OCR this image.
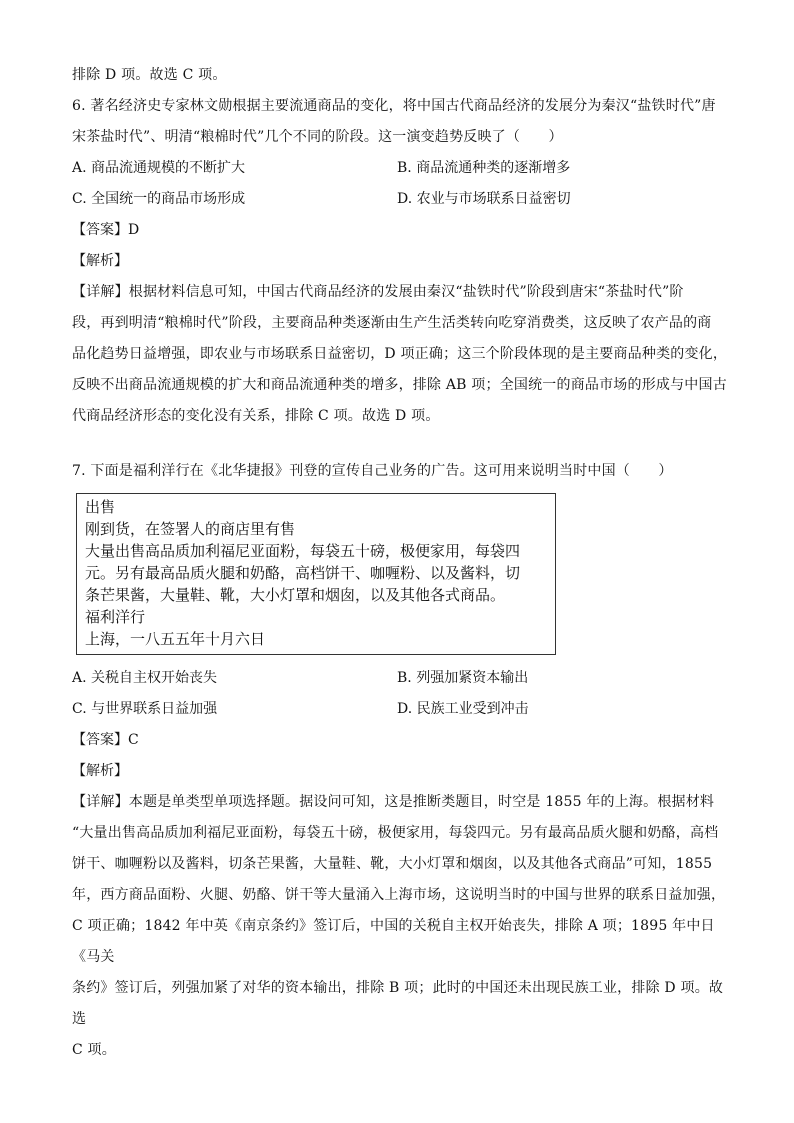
排除 D 项。故选 C 项。
6. 著名经济史专家林文勋根据主要流通商品的变化，将中国古代商品经济的发展分为秦汉“盐铁时代”唐
宋茶盐时代”、明清“粮棉时代”几个不同的阶段。这一演变趋势反映了（　　）
A. 商品流通规模的不断扩大	B. 商品流通种类的逐渐增多
C. 全国统一的商品市场形成	D. 农业与市场联系日益密切
【答案】D
【解析】
【详解】根据材料信息可知，中国古代商品经济的发展由秦汉“盐铁时代”阶段到唐宋“茶盐时代”阶
段，再到明清“粮棉时代”阶段，主要商品种类逐渐由生产生活类转向吃穿消费类，这反映了农产品的商
品化趋势日益增强，即农业与市场联系日益密切，D 项正确；这三个阶段体现的是主要商品种类的变化，
反映不出商品流通规模的扩大和商品流通种类的增多，排除 AB 项；全国统一的商品市场的形成与中国古
代商品经济形态的变化没有关系，排除 C 项。故选 D 项。
7. 下面是福利洋行在《北华捷报》刊登的宣传自己业务的广告。这可用来说明当时中国（　　）
出售
刚到货，在签署人的商店里有售
大量出售高品质加利福尼亚面粉，每袋五十磅，极便家用，每袋四
元。另有最高品质火腿和奶酪，高档饼干、咖喱粉、以及酱料，切
条芒果酱，大量鞋、靴，大小灯罩和烟囱，以及其他各式商品。
福利洋行
上海，一八五五年十月六日
A. 关税自主权开始丧失	B. 列强加紧资本输出
C. 与世界联系日益加强	D. 民族工业受到冲击
【答案】C
【解析】
【详解】本题是单类型单项选择题。据设问可知，这是推断类题目，时空是 1855 年的上海。根据材料
“大量出售高品质加利福尼亚面粉，每袋五十磅，极便家用，每袋四元。另有最高品质火腿和奶酪，高档
饼干、咖喱粉以及酱料，切条芒果酱，大量鞋、靴，大小灯罩和烟囱，以及其他各式商品”可知，1855
年，西方商品面粉、火腿、奶酪、饼干等大量涌入上海市场，这说明当时的中国与世界的联系日益加强，
C 项正确；1842 年中英《南京条约》签订后，中国的关税自主权开始丧失，排除 A 项；1895 年中日《马关
条约》签订后，列强加紧了对华的资本输出，排除 B 项；此时的中国还未出现民族工业，排除 D 项。故选
C 项。
